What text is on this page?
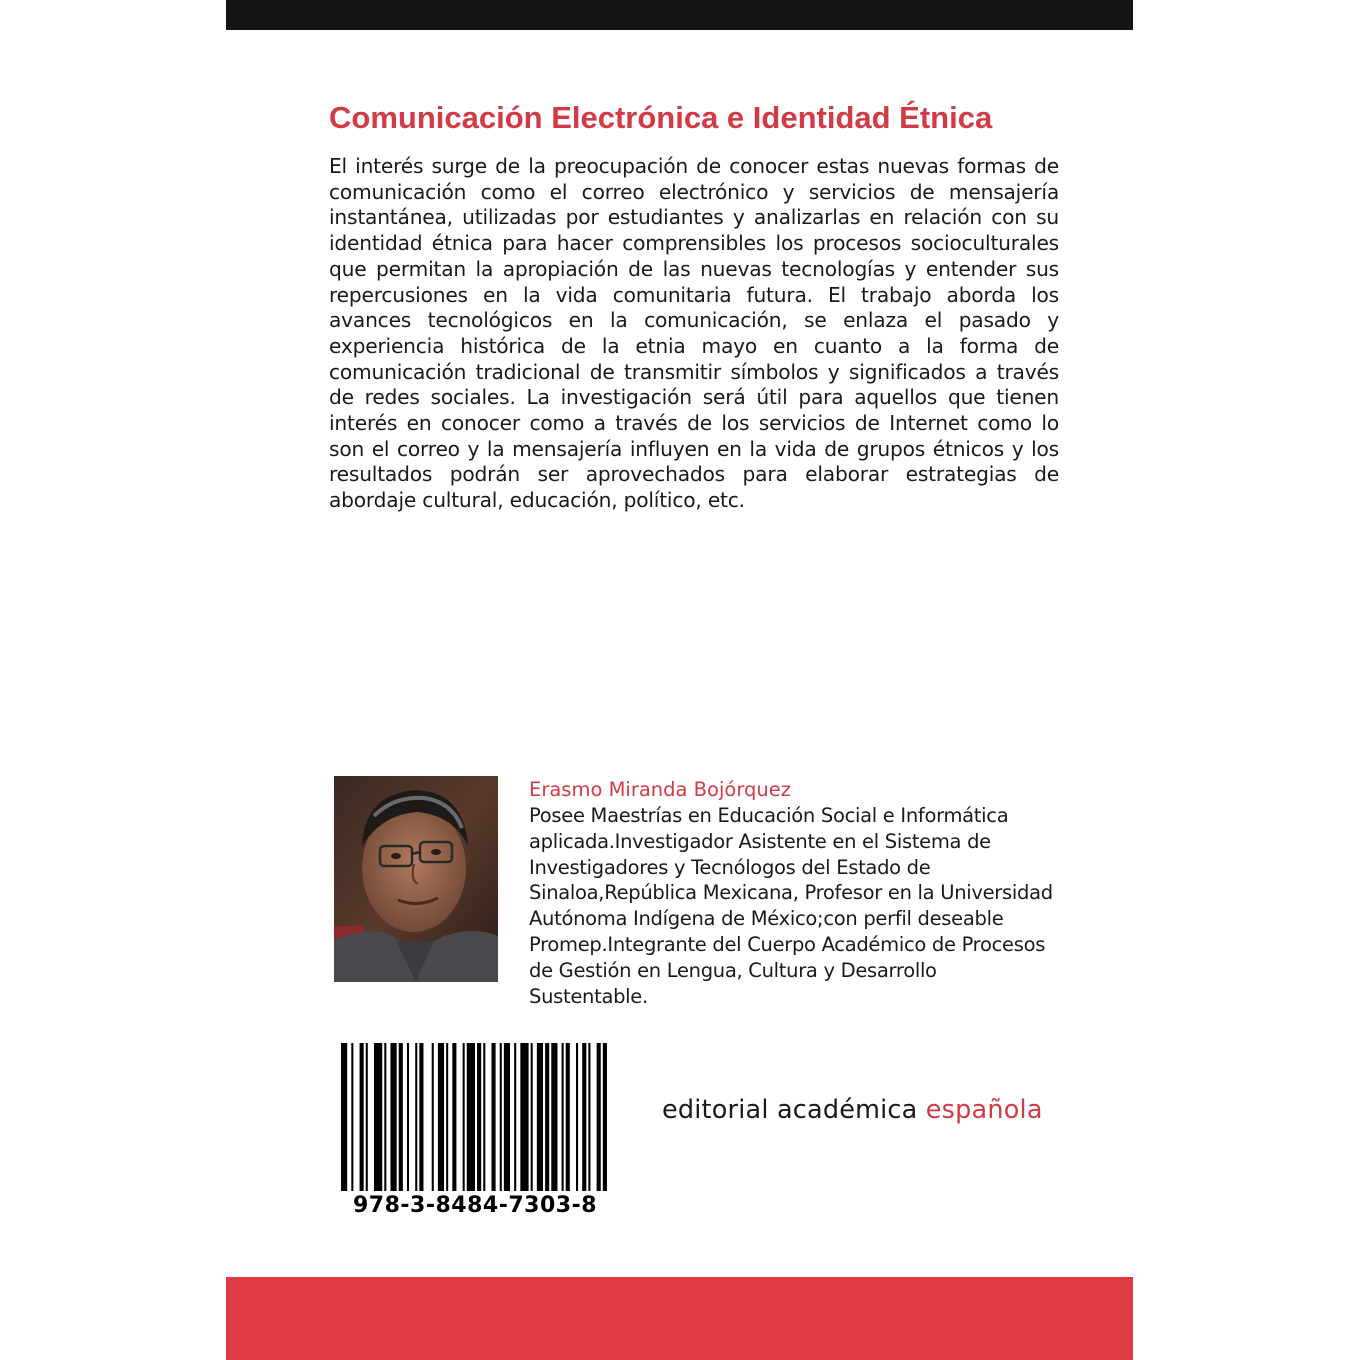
Comunicación Electrónica e Identidad Étnica

El interés surge de la preocupación de conocer estas nuevas formas de comunicación como el correo electrónico y servicios de mensajería instantánea, utilizadas por estudiantes y analizarlas en relación con su identidad étnica para hacer comprensibles los procesos socioculturales que permitan la apropiación de las nuevas tecnologías y entender sus repercusiones en la vida comunitaria futura. El trabajo aborda los avances tecnológicos en la comunicación, se enlaza el pasado y experiencia histórica de la etnia mayo en cuanto a la forma de comunicación tradicional de transmitir símbolos y significados a través de redes sociales. La investigación será útil para aquellos que tienen interés en conocer como a través de los servicios de Internet como lo son el correo y la mensajería influyen en la vida de grupos étnicos y los resultados podrán ser aprovechados para elaborar estrategias de abordaje cultural, educación, político, etc.

Erasmo Miranda Bojórquez

Posee Maestrías en Educación Social e Informática aplicada.Investigador Asistente en el Sistema de Investigadores y Tecnólogos del Estado de Sinaloa,República Mexicana, Profesor en la Universidad Autónoma Indígena de México;con perfil deseable Promep.Integrante del Cuerpo Académico de Procesos de Gestión en Lengua, Cultura y Desarrollo Sustentable.

978-3-8484-7303-8
editorial académica española
